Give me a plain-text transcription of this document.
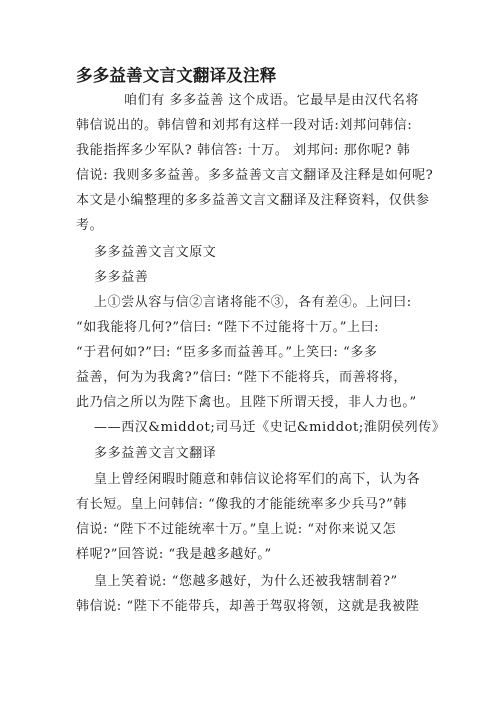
多多益善文言文翻译及注释
咱们有 多多益善 这个成语。它最早是由汉代名将
韩信说出的。韩信曾和刘邦有这样一段对话:刘邦问韩信:
我能指挥多少军队? 韩信答: 十万。 刘邦问: 那你呢? 韩
信说: 我则多多益善。多多益善文言文翻译及注释是如何呢?
本文是小编整理的多多益善文言文翻译及注释资料，仅供参
考。
多多益善文言文原文
多多益善
上①尝从容与信②言诸将能不③，各有差④。上问曰:
“如我能将几何?”信曰: “陛下不过能将十万。”上曰:
“于君何如?”曰: “臣多多而益善耳。”上笑曰: “多多
益善，何为为我禽?”信曰: “陛下不能将兵，而善将将，
此乃信之所以为陛下禽也。且陛下所谓天授，非人力也。”
——西汉&middot;司马迁《史记&middot;淮阴侯列传》
多多益善文言文翻译
皇上曾经闲暇时随意和韩信议论将军们的高下，认为各
有长短。皇上问韩信: “像我的才能能统率多少兵马?”韩
信说: “陛下不过能统率十万。”皇上说: “对你来说又怎
样呢?”回答说: “我是越多越好。”
皇上笑着说: “您越多越好，为什么还被我辖制着?”
韩信说: “陛下不能带兵，却善于驾驭将领，这就是我被陛
